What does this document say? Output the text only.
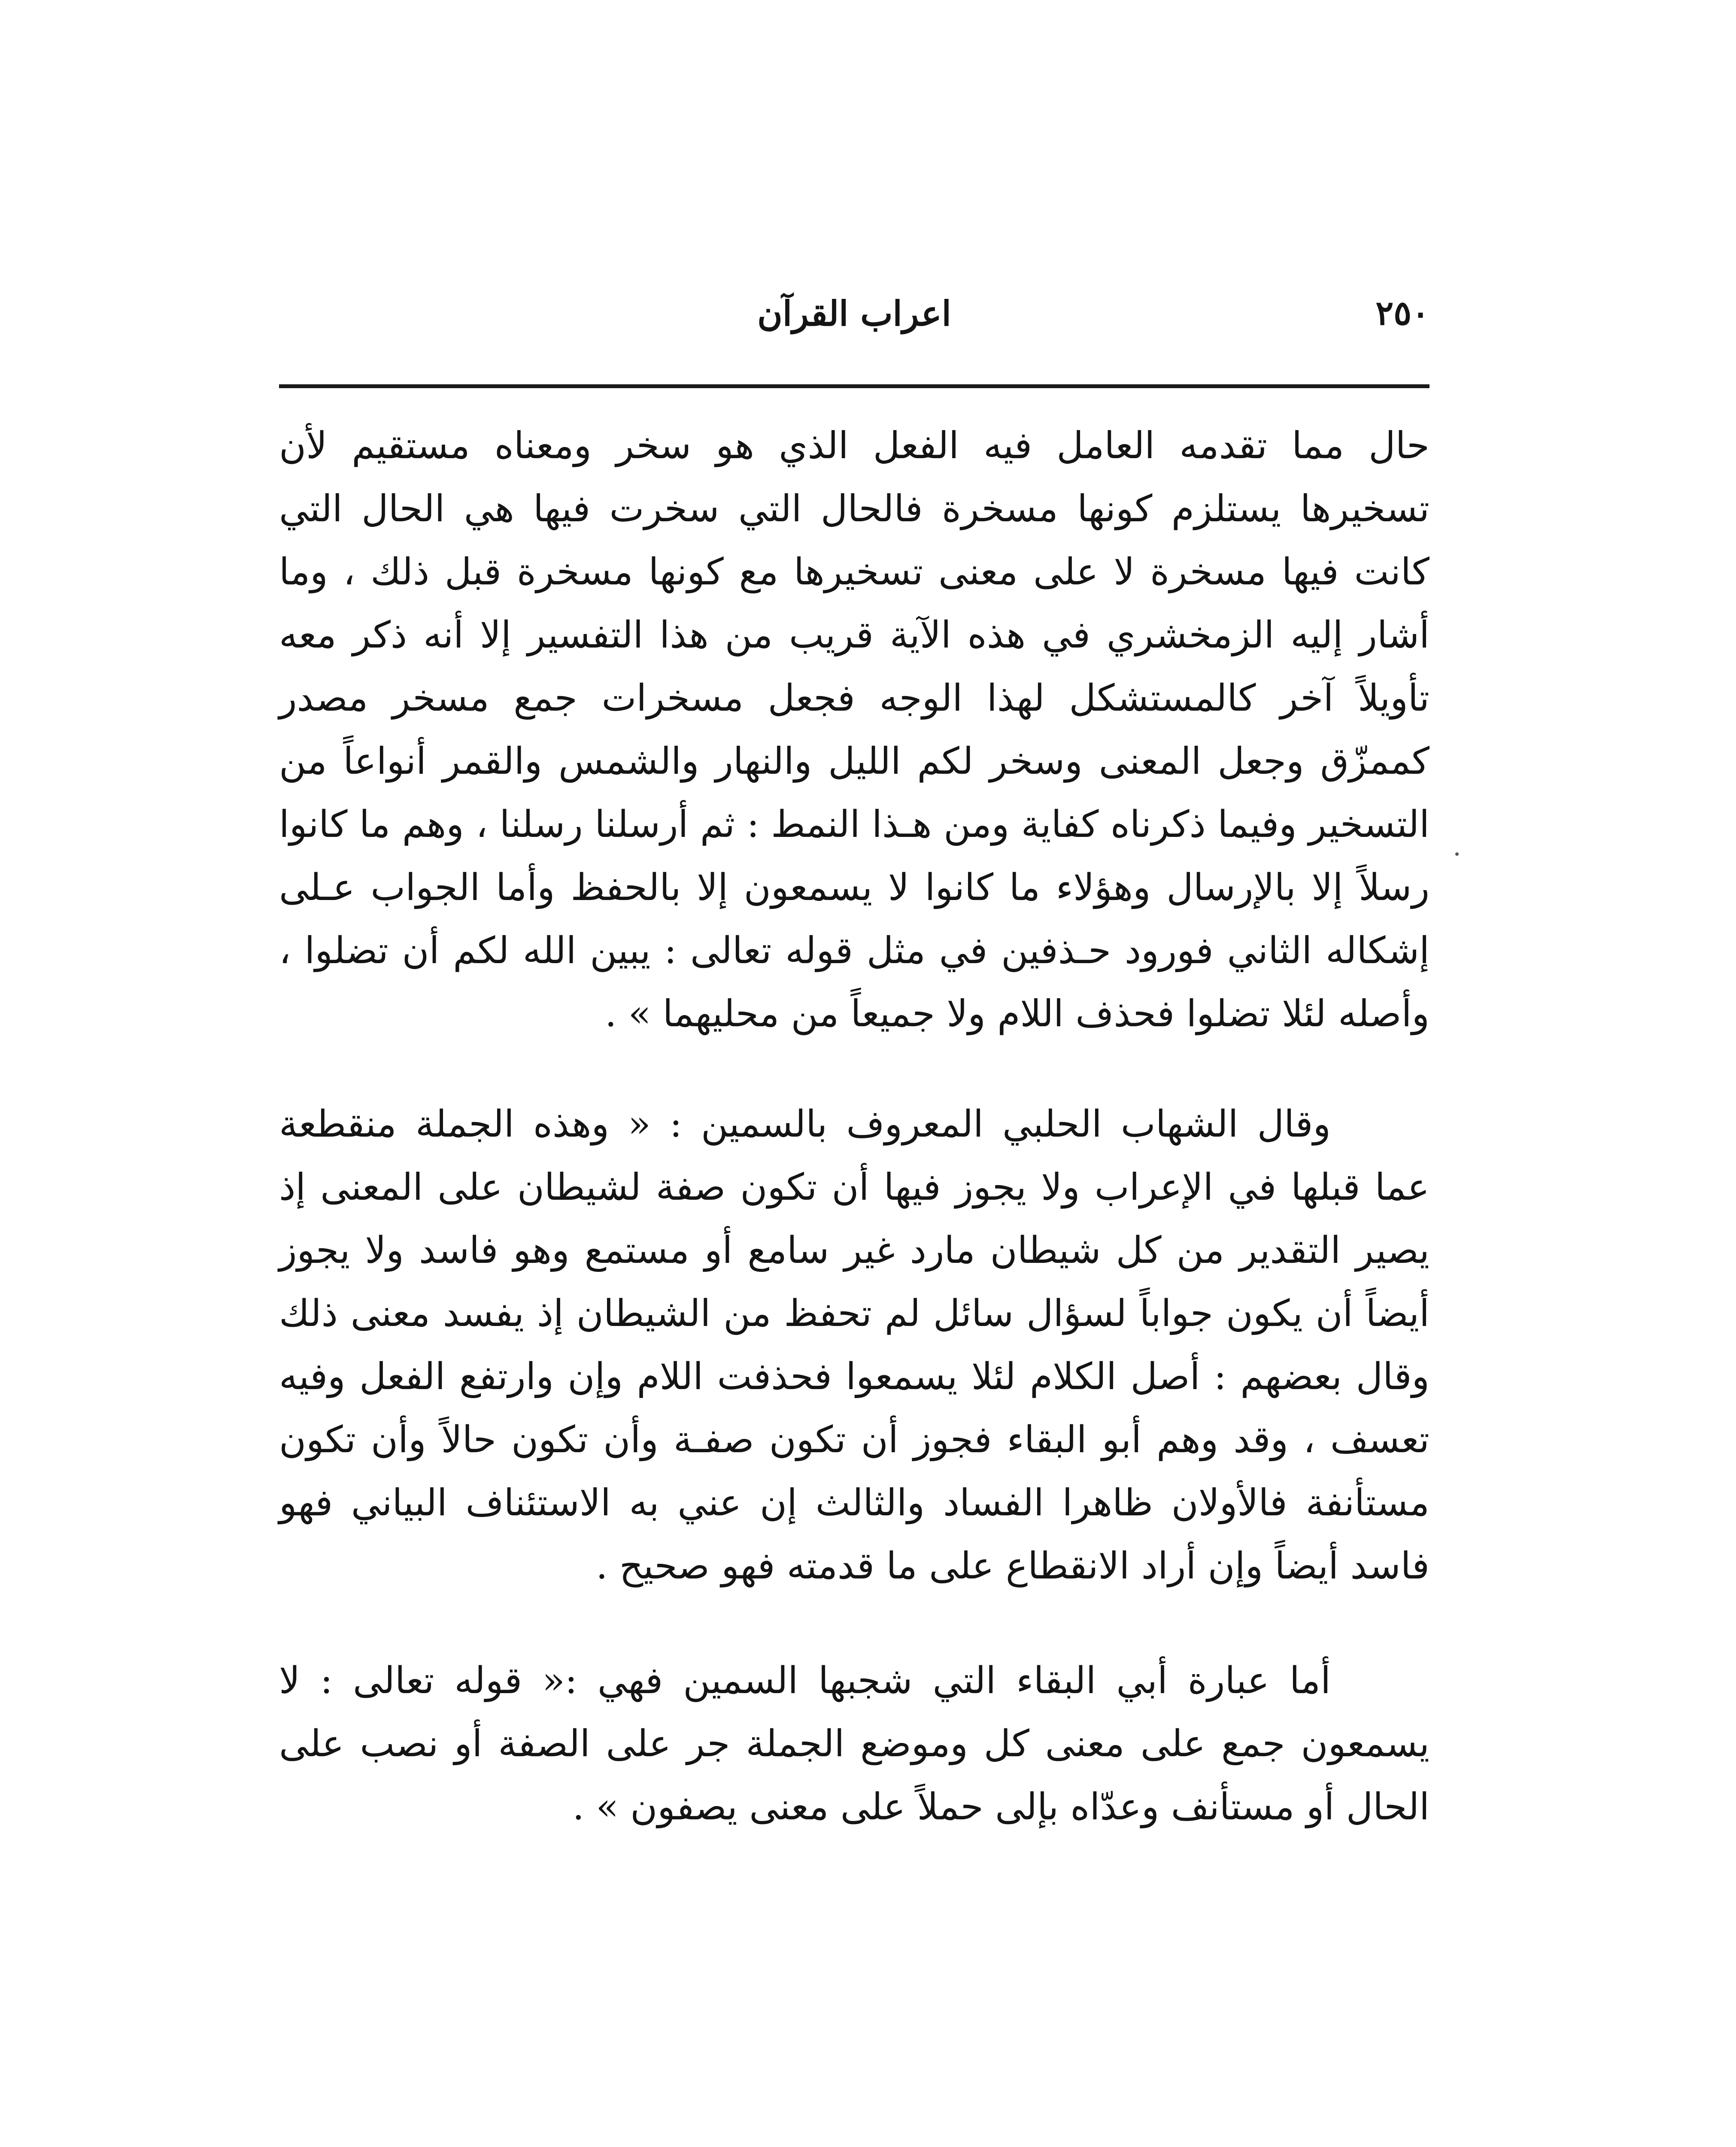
٢٥٠
اعراب القرآن

حال مما تقدمه العامل فيه الفعل الذي هو سخر ومعناه مستقيم لأن تسخيرها يستلزم كونها مسخرة فالحال التي سخرت فيها هي الحال التي كانت فيها مسخرة لا على معنى تسخيرها مع كونها مسخرة قبل ذلك ، وما أشار إليه الزمخشري في هذه الآية قريب من هذا التفسير إلا أنه ذكر معه تأويلاً آخر كالمستشكل لهذا الوجه فجعل مسخرات جمع مسخر مصدر كممزّق وجعل المعنى وسخر لكم الليل والنهار والشمس والقمر أنواعاً من التسخير وفيما ذكرناه كفاية ومن هـذا النمط : ثم أرسلنا رسلنا ، وهم ما كانوا رسلاً إلا بالإرسال وهؤلاء ما كانوا لا يسمعون إلا بالحفظ وأما الجواب عـلى إشكاله الثاني فورود حـذفين في مثل قوله تعالى : يبين الله لكم أن تضلوا ، وأصله لئلا تضلوا فحذف اللام ولا جميعاً من محليهما » .

وقال الشهاب الحلبي المعروف بالسمين : « وهذه الجملة منقطعة عما قبلها في الإعراب ولا يجوز فيها أن تكون صفة لشيطان على المعنى إذ يصير التقدير من كل شيطان مارد غير سامع أو مستمع وهو فاسد ولا يجوز أيضاً أن يكون جواباً لسؤال سائل لم تحفظ من الشيطان إذ يفسد معنى ذلك وقال بعضهم : أصل الكلام لئلا يسمعوا فحذفت اللام وإن وارتفع الفعل وفيه تعسف ، وقد وهم أبو البقاء فجوز أن تكون صفـة وأن تكون حالاً وأن تكون مستأنفة فالأولان ظاهرا الفساد والثالث إن عني به الاستئناف البياني فهو فاسد أيضاً وإن أراد الانقطاع على ما قدمته فهو صحيح .

أما عبارة أبي البقاء التي شجبها السمين فهي :« قوله تعالى : لا يسمعون جمع على معنى كل وموضع الجملة جر على الصفة أو نصب على الحال أو مستأنف وعدّاه بإلى حملاً على معنى يصفون » .
